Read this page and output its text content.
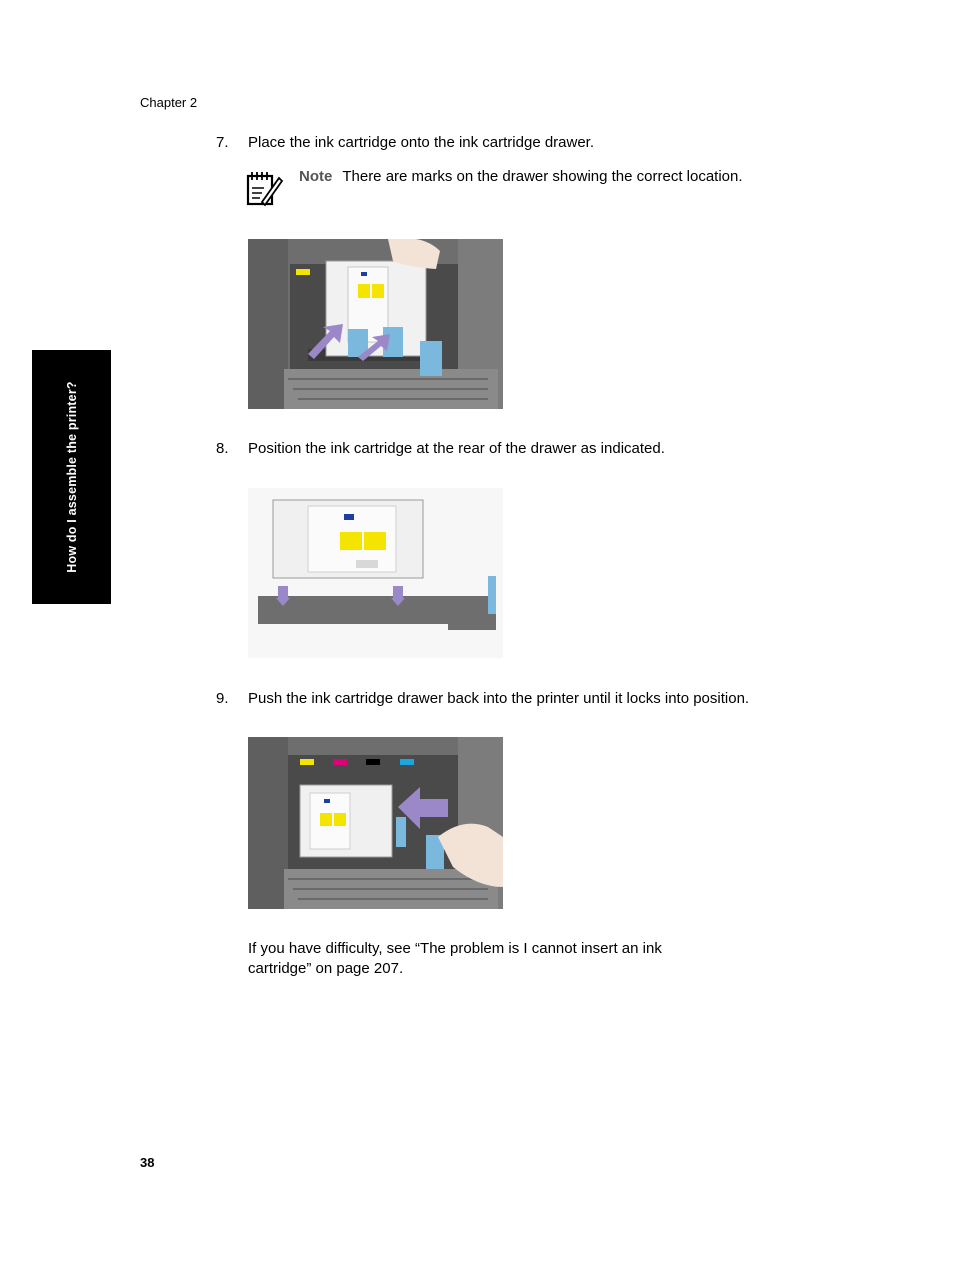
Chapter 2
7.	Place the ink cartridge onto the ink cartridge drawer.
Note There are marks on the drawer showing the correct location.
8.	Position the ink cartridge at the rear of the drawer as indicated.
9.	Push the ink cartridge drawer back into the printer until it locks into position.
If you have difficulty, see “The problem is I cannot insert an ink cartridge” on page 207.
How do I assemble the printer?
38
